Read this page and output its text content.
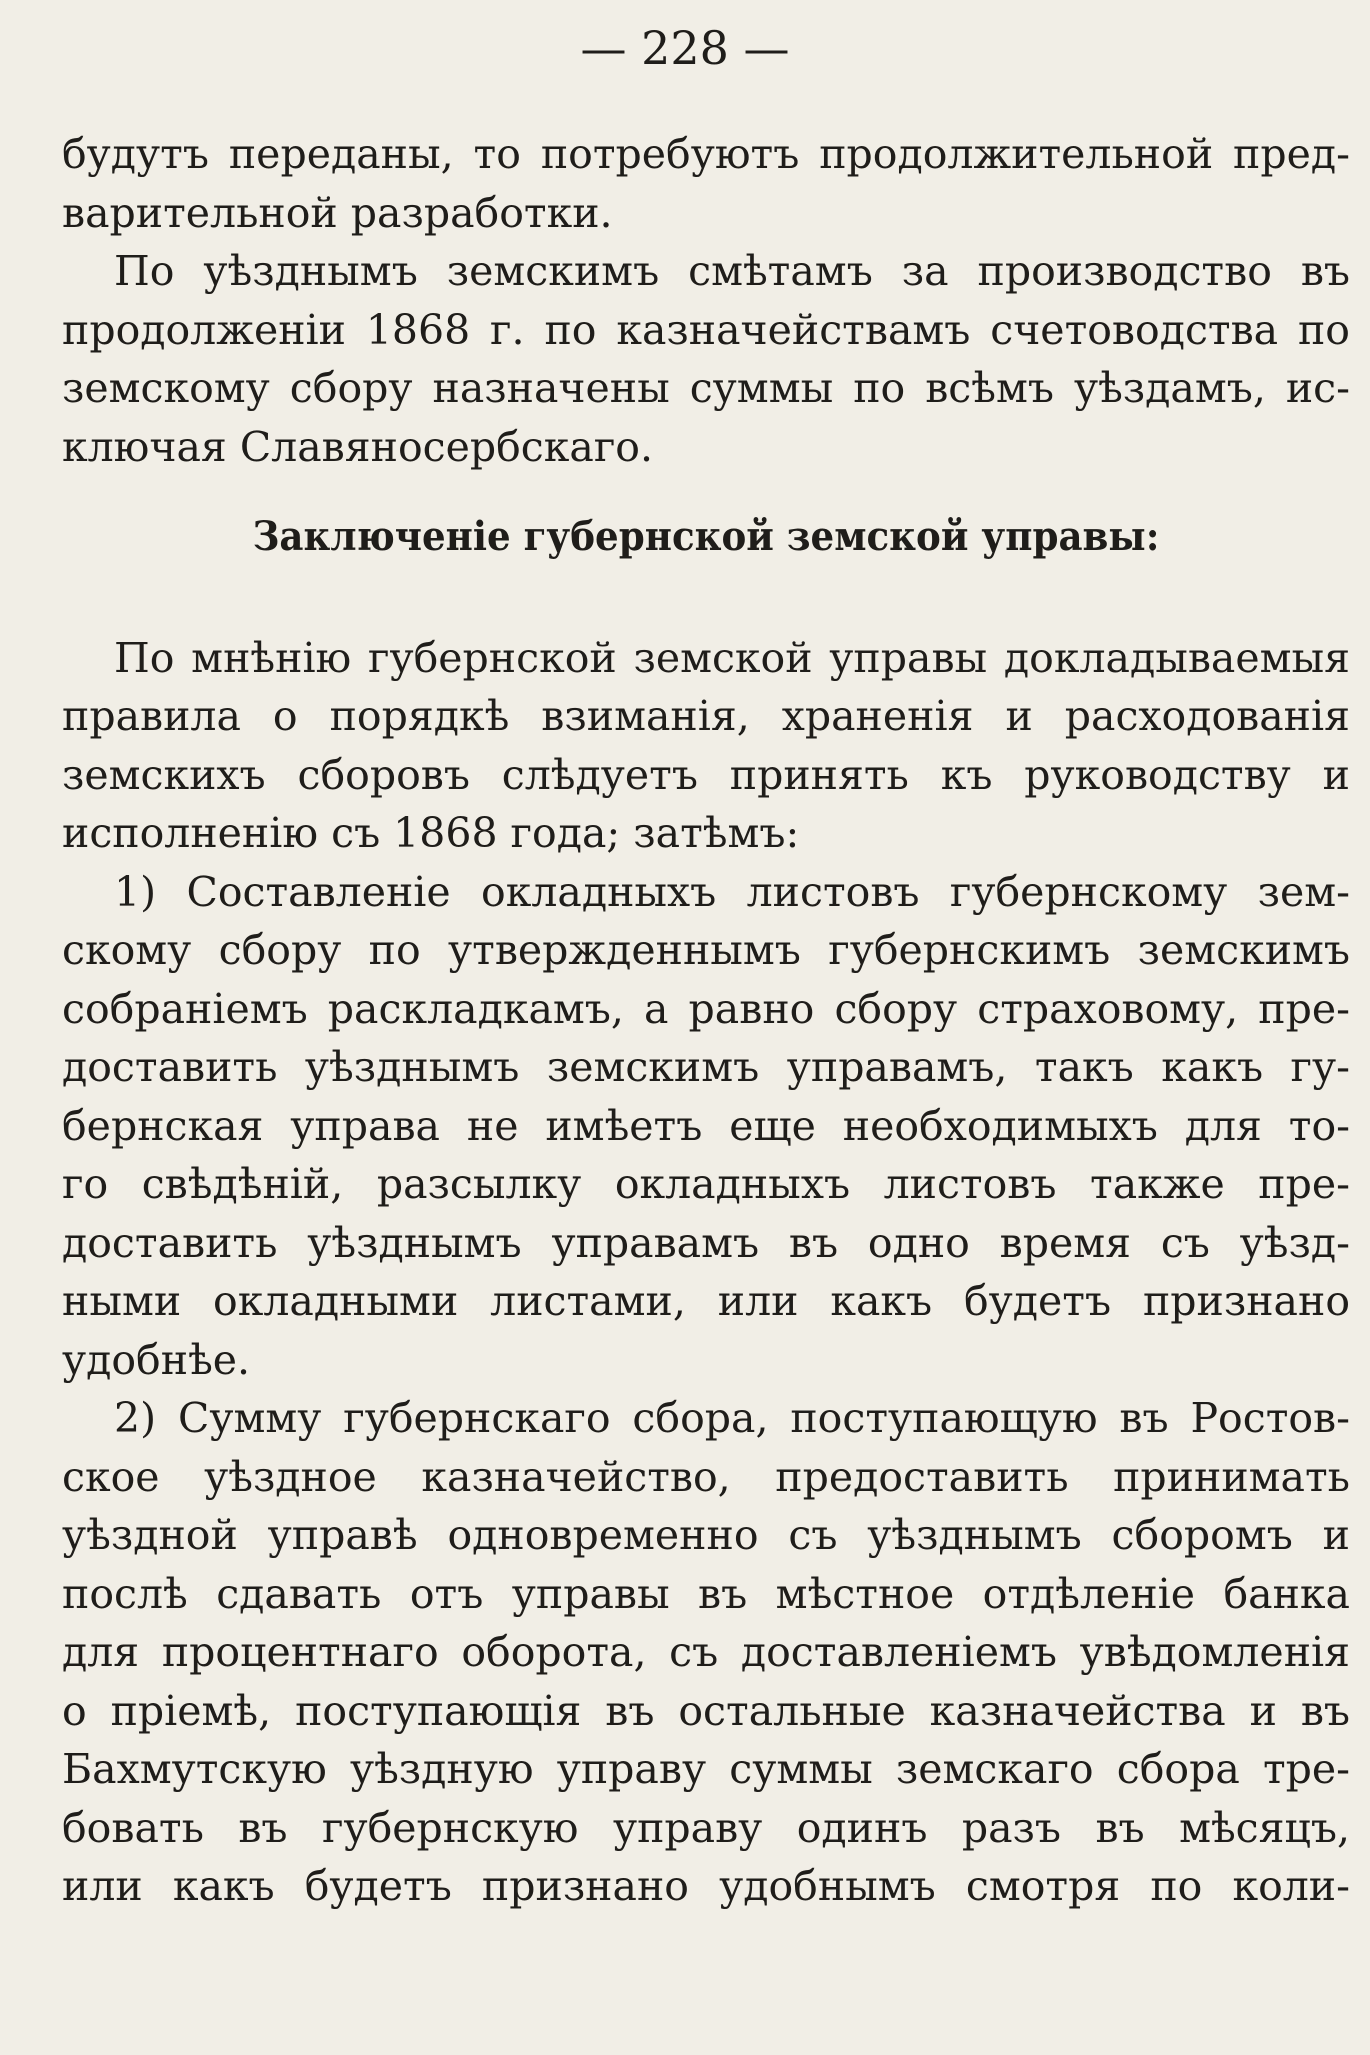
— 228 —
будутъ переданы, то потребуютъ продолжительной пред-
варительной разработки.
По уѣзднымъ земскимъ смѣтамъ за производство въ
продолженіи 1868 г. по казначействамъ счетоводства по
земскому сбору назначены суммы по всѣмъ уѣздамъ, ис-
ключая Славяносербскаго.
Заключеніе губернской земской управы:
По мнѣнію губернской земской управы докладываемыя
правила о порядкѣ взиманія, храненія и расходованія
земскихъ сборовъ слѣдуетъ принять къ руководству и
исполненію съ 1868 года; затѣмъ:
1) Составленіе окладныхъ листовъ губернскому зем-
скому сбору по утвержденнымъ губернскимъ земскимъ
собраніемъ раскладкамъ, а равно сбору страховому, пре-
доставить уѣзднымъ земскимъ управамъ, такъ какъ гу-
бернская управа не имѣетъ еще необходимыхъ для то-
го свѣдѣній, разсылку окладныхъ листовъ также пре-
доставить уѣзднымъ управамъ въ одно время съ уѣзд-
ными окладными листами, или какъ будетъ признано
удобнѣе.
2) Сумму губернскаго сбора, поступающую въ Ростов-
ское уѣздное казначейство, предоставить принимать
уѣздной управѣ одновременно съ уѣзднымъ сборомъ и
послѣ сдавать отъ управы въ мѣстное отдѣленіе банка
для процентнаго оборота, съ доставленіемъ увѣдомленія
о пріемѣ, поступающія въ остальные казначейства и въ
Бахмутскую уѣздную управу суммы земскаго сбора тре-
бовать въ губернскую управу одинъ разъ въ мѣсяцъ,
или какъ будетъ признано удобнымъ смотря по коли-
